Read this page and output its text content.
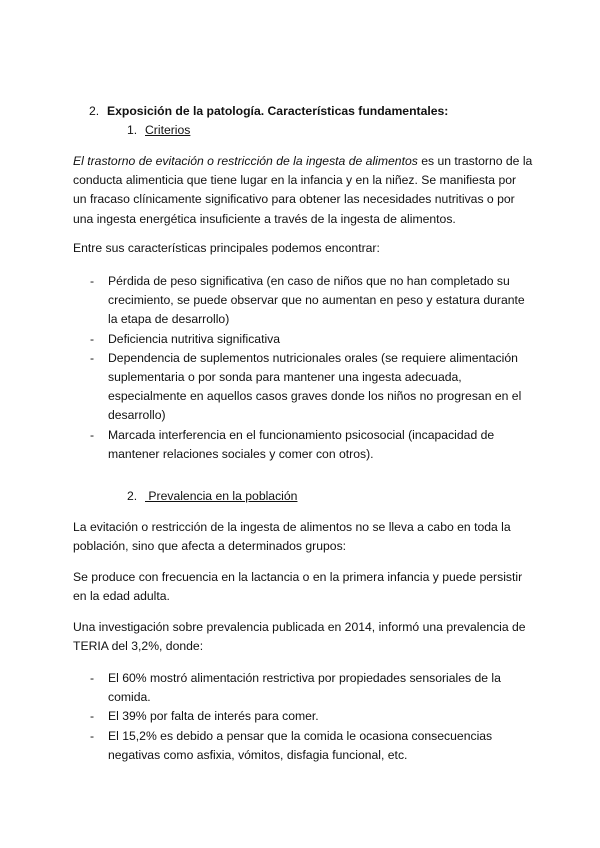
2. Exposición de la patología. Características fundamentales:
1. Criterios
El trastorno de evitación o restricción de la ingesta de alimentos es un trastorno de la conducta alimenticia que tiene lugar en la infancia y en la niñez. Se manifiesta por un fracaso clínicamente significativo para obtener las necesidades nutritivas o por una ingesta energética insuficiente a través de la ingesta de alimentos.
Entre sus características principales podemos encontrar:
- Pérdida de peso significativa (en caso de niños que no han completado su crecimiento, se puede observar que no aumentan en peso y estatura durante la etapa de desarrollo)
- Deficiencia nutritiva significativa
- Dependencia de suplementos nutricionales orales (se requiere alimentación suplementaria o por sonda para mantener una ingesta adecuada, especialmente en aquellos casos graves donde los niños no progresan en el desarrollo)
- Marcada interferencia en el funcionamiento psicosocial (incapacidad de mantener relaciones sociales y comer con otros).
2. Prevalencia en la población
La evitación o restricción de la ingesta de alimentos no se lleva a cabo en toda la población, sino que afecta a determinados grupos:
Se produce con frecuencia en la lactancia o en la primera infancia y puede persistir en la edad adulta.
Una investigación sobre prevalencia publicada en 2014, informó una prevalencia de TERIA del 3,2%, donde:
- El 60% mostró alimentación restrictiva por propiedades sensoriales de la comida.
- El 39% por falta de interés para comer.
- El 15,2% es debido a pensar que la comida le ocasiona consecuencias negativas como asfixia, vómitos, disfagia funcional, etc.
